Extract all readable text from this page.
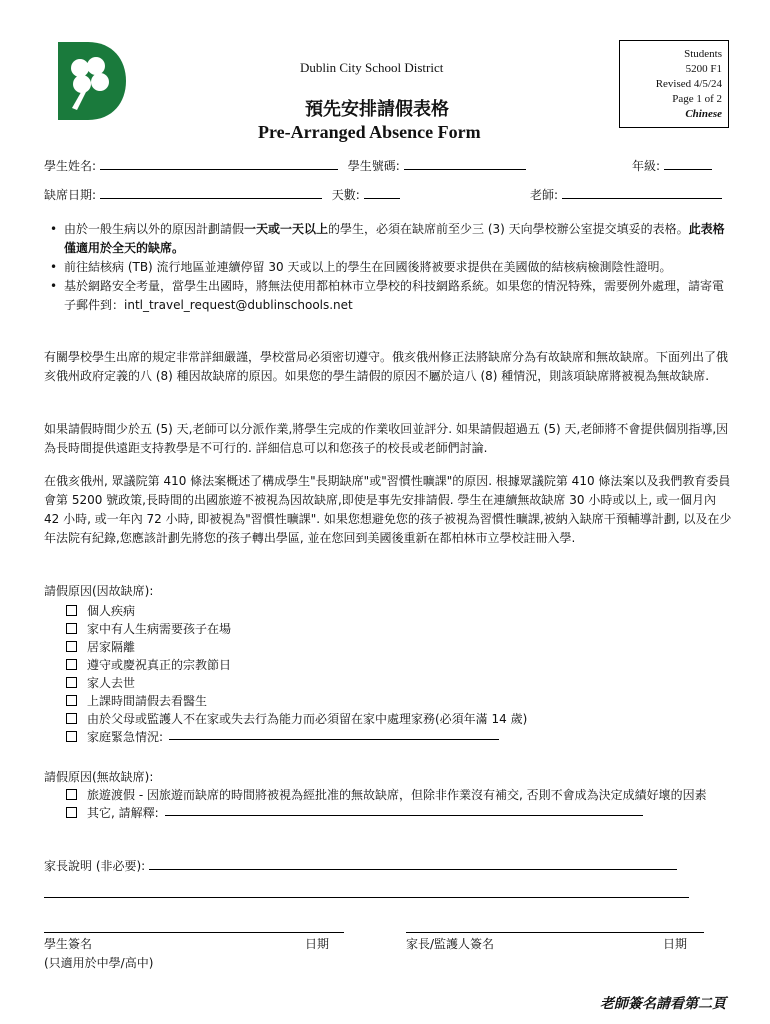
Dublin City School District
Students
5200 F1
Revised 4/5/24
Page 1 of 2
Chinese
預先安排請假表格
Pre-Arranged Absence Form
學生姓名:	學生號碼:	年級:
缺席日期:	天數:	老師:
• 由於一般生病以外的原因計劃請假一天或一天以上的學生，必須在缺席前至少三 (3) 天向學校辦公室提交填妥的表格。此表格僅適用於全天的缺席。
• 前往結核病 (TB) 流行地區並連續停留 30 天或以上的學生在回國後將被要求提供在美國做的結核病檢測陰性證明。
• 基於網路安全考量，當學生出國時，將無法使用都柏林市立學校的科技網路系統。如果您的情況特殊，需要例外處理，請寄電子郵件到：intl_travel_request@dublinschools.net
有關學校學生出席的規定非常詳細嚴謹，學校當局必須密切遵守。俄亥俄州修正法將缺席分為有故缺席和無故缺席。下面列出了俄亥俄州政府定義的八 (8) 種因故缺席的原因。如果您的學生請假的原因不屬於這八 (8) 種情況，則該項缺席將被視為無故缺席.
如果請假時間少於五 (5) 天,老師可以分派作業,將學生完成的作業收回並評分. 如果請假超過五 (5) 天,老師將不會提供個別指導,因為長時間提供遠距支持教學是不可行的. 詳細信息可以和您孩子的校長或老師們討論.
在俄亥俄州, 眾議院第 410 條法案概述了構成學生"長期缺席"或"習慣性曠課"的原因. 根據眾議院第 410 條法案以及我們教育委員會第 5200 號政策,長時間的出國旅遊不被視為因故缺席,即使是事先安排請假. 學生在連續無故缺席 30 小時或以上, 或一個月內 42 小時, 或一年內 72 小時, 即被視為"習慣性曠課". 如果您想避免您的孩子被視為習慣性曠課,被納入缺席干預輔導計劃, 以及在少年法院有紀錄,您應該計劃先將您的孩子轉出學區, 並在您回到美國後重新在都柏林市立學校註冊入學.
請假原因(因故缺席):
個人疾病
家中有人生病需要孩子在場
居家隔離
遵守或慶祝真正的宗教節日
家人去世
上課時間請假去看醫生
由於父母或監護人不在家或失去行為能力而必須留在家中處理家務(必須年滿 14 歲)
家庭緊急情況:
請假原因(無故缺席):
旅遊渡假 - 因旅遊而缺席的時間將被視為經批准的無故缺席，但除非作業沒有補交, 否則不會成為決定成績好壞的因素
其它, 請解釋:
家長說明 (非必要):
學生簽名	日期	家長/監護人簽名	日期
(只適用於中學/高中)
老師簽名請看第二頁
